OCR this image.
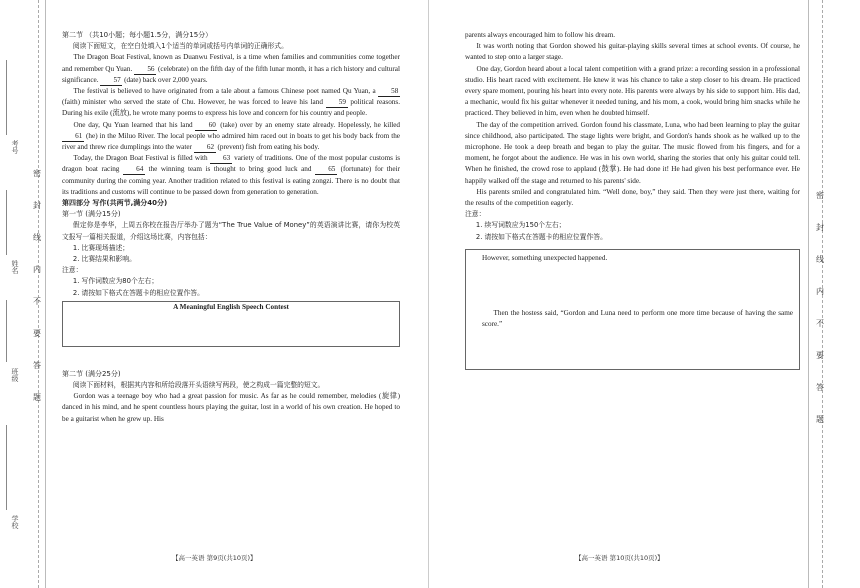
考号
姓名
班级
学校
密
封
线
内
不
要
答
题
密
封
线
内
不
要
答
题
第二节 （共10小题；每小题1.5分，满分15分）
阅读下面短文，在空白处填入1个适当的单词或括号内单词的正确形式。
The Dragon Boat Festival, known as Duanwu Festival, is a time when families and communities come together and remember Qu Yuan. 56 (celebrate) on the fifth day of the fifth lunar month, it has a rich history and cultural significance. 57 (date) back over 2,000 years.
The festival is believed to have originated from a tale about a famous Chinese poet named Qu Yuan, a 58 (faith) minister who served the state of Chu. However, he was forced to leave his land 59 political reasons. During his exile (流放), he wrote many poems to express his love and concern for his country and people.
One day, Qu Yuan learned that his land 60 (take) over by an enemy state already. Hopelessly, he killed 61 (he) in the Miluo River. The local people who admired him raced out in boats to get his body back from the river and threw rice dumplings into the water 62 (prevent) fish from eating his body.
Today, the Dragon Boat Festival is filled with 63 variety of traditions. One of the most popular customs is dragon boat racing 64 the winning team is thought to bring good luck and 65 (fortunate) for their community during the coming year. Another tradition related to this festival is eating zongzi. There is no doubt that its traditions and customs will continue to be passed down from generation to generation.
第四部分 写作(共两节,满分40分)
第一节 (满分15分)
假定你是李华，上周五你校在报告厅举办了题为“The True Value of Money”的英语演讲比赛，请你为校英文报写一篇相关报道，介绍这场比赛，内容包括：
1. 比赛现场描述；
2. 比赛结果和影响。
注意：
1. 写作词数应为80个左右；
2. 请按如下格式在答题卡的相应位置作答。
A Meaningful English Speech Contest
第二节 (满分25分)
阅读下面材料，根据其内容和所给段落开头语续写两段，使之构成一篇完整的短文。
Gordon was a teenage boy who had a great passion for music. As far as he could remember, melodies (旋律) danced in his mind, and he spent countless hours playing the guitar, lost in a world of his own creation. He hoped to be a guitarist when he grew up. His
【高一英语 第9页(共10页)】
parents always encouraged him to follow his dream.
It was worth noting that Gordon showed his guitar-playing skills several times at school events. Of course, he wanted to step onto a larger stage.
One day, Gordon heard about a local talent competition with a grand prize: a recording session in a professional studio. His heart raced with excitement. He knew it was his chance to take a step closer to his dream. He practiced every spare moment, pouring his heart into every note. His parents were always by his side to support him. His dad, a mechanic, would fix his guitar whenever it needed tuning, and his mom, a cook, would bring him snacks while he practiced. They believed in him, even when he doubted himself.
The day of the competition arrived. Gordon found his classmate, Luna, who had been learning to play the guitar since childhood, also participated. The stage lights were bright, and Gordon's hands shook as he walked up to the microphone. He took a deep breath and began to play the guitar. The music flowed from his fingers, and for a moment, he forgot about the audience. He was in his own world, sharing the stories that only his guitar could tell. When he finished, the crowd rose to applaud (鼓掌). He had done it! He had given his best performance ever. He happily walked off the stage and returned to his parents' side.
His parents smiled and congratulated him. “Well done, boy,” they said. Then they were just there, waiting for the results of the competition eagerly.
注意：
1. 续写词数应为150个左右；
2. 请按如下格式在答题卡的相应位置作答。
However, something unexpected happened.
Then the hostess said, “Gordon and Luna need to perform one more time because of having the same score.”
【高一英语 第10页(共10页)】
